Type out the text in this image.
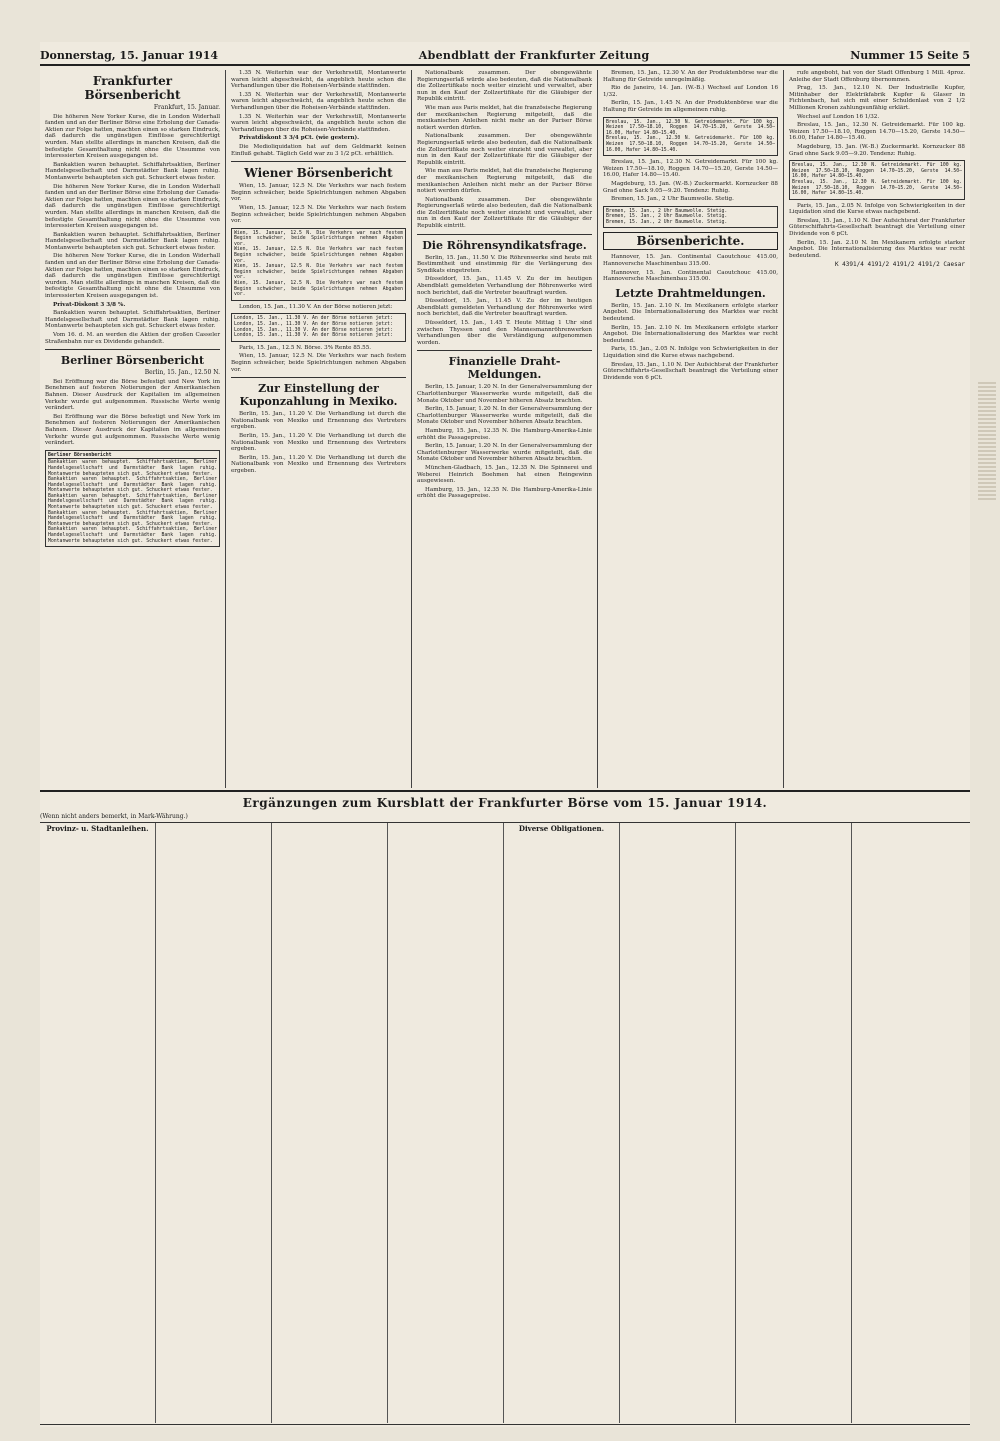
Donnerstag, 15. Januar 1914	Abendblatt der Frankfurter Zeitung	Nummer 15 Seite 5
Frankfurter Börsenbericht
Frankfurt, 15. Januar.

Die höheren New Yorker Kurse, die in London Widerhall fanden und an der Berliner Börse eine Erholung der Canada-Aktien zur Folge hatten, machten einen so starken Eindruck, daß dadurch die ungünstigen Einflüsse gerechtfertigt wurden. Man stellte allerdings in manchen Kreisen, daß die befestigte Gesamthaltung nicht ohne die Unsumme von interessierten Kreisen ausgegangen ist.

Bankaktien waren behauptet. Schiffahrtsaktien, Berliner Handelsgesellschaft und Darmstädter Bank lagen ruhig. Montanwerte behaupteten sich gut. Schuckert etwas fester.

Die höheren New Yorker Kurse, die in London Widerhall fanden und an der Berliner Börse eine Erholung der Canada-Aktien zur Folge hatten, machten einen so starken Eindruck, daß dadurch die ungünstigen Einflüsse gerechtfertigt wurden. Man stellte allerdings in manchen Kreisen, daß die befestigte Gesamthaltung nicht ohne die Unsumme von interessierten Kreisen ausgegangen ist.

Bankaktien waren behauptet. Schiffahrtsaktien, Berliner Handelsgesellschaft und Darmstädter Bank lagen ruhig. Montanwerte behaupteten sich gut. Schuckert etwas fester.

Die höheren New Yorker Kurse, die in London Widerhall fanden und an der Berliner Börse eine Erholung der Canada-Aktien zur Folge hatten, machten einen so starken Eindruck, daß dadurch die ungünstigen Einflüsse gerechtfertigt wurden. Man stellte allerdings in manchen Kreisen, daß die befestigte Gesamthaltung nicht ohne die Unsumme von interessierten Kreisen ausgegangen ist.

Privat-Diskont 3 3/8 %.

Bankaktien waren behauptet. Schiffahrtsaktien, Berliner Handelsgesellschaft und Darmstädter Bank lagen ruhig. Montanwerte behaupteten sich gut. Schuckert etwas fester.

Vom 16. d. M. an werden die Aktien der großen Casseler Straßenbahn nur ex Dividende gehandelt.

Berliner Börsenbericht
Berlin, 15. Jan., 12.50 N.

Bei Eröffnung war die Börse befestigt und New York im Benehmen auf festeren Notierungen der Amerikanischen Bahnen. Dieser Ausdruck der Kapitalien im allgemeinen Verkehr wurde gut aufgenommen. Russische Werte wenig verändert.

Bei Eröffnung war die Börse befestigt und New York im Benehmen auf festeren Notierungen der Amerikanischen Bahnen. Dieser Ausdruck der Kapitalien im allgemeinen Verkehr wurde gut aufgenommen. Russische Werte wenig verändert.

Berliner Börsenbericht
Bankaktien waren behauptet. Schiffahrtsaktien, Berliner Handelsgesellschaft und Darmstädter Bank lagen ruhig. Montanwerte behaupteten sich gut. Schuckert etwas fester.
Bankaktien waren behauptet. Schiffahrtsaktien, Berliner Handelsgesellschaft und Darmstädter Bank lagen ruhig. Montanwerte behaupteten sich gut. Schuckert etwas fester.
Bankaktien waren behauptet. Schiffahrtsaktien, Berliner Handelsgesellschaft und Darmstädter Bank lagen ruhig. Montanwerte behaupteten sich gut. Schuckert etwas fester.
Bankaktien waren behauptet. Schiffahrtsaktien, Berliner Handelsgesellschaft und Darmstädter Bank lagen ruhig. Montanwerte behaupteten sich gut. Schuckert etwas fester.
Bankaktien waren behauptet. Schiffahrtsaktien, Berliner Handelsgesellschaft und Darmstädter Bank lagen ruhig. Montanwerte behaupteten sich gut. Schuckert etwas fester.

1.35 N. Weiterhin war der Verkehrsstill, Montanwerte waren leicht abgeschwächt, da angeblich heute schon die Verhandlungen über die Roheisen-Verbände stattfinden.

1.35 N. Weiterhin war der Verkehrsstill, Montanwerte waren leicht abgeschwächt, da angeblich heute schon die Verhandlungen über die Roheisen-Verbände stattfinden.

1.35 N. Weiterhin war der Verkehrsstill, Montanwerte waren leicht abgeschwächt, da angeblich heute schon die Verhandlungen über die Roheisen-Verbände stattfinden.

Privatdiskont 3 3/4 pCt. (wie gestern).

Die Medioliquidation hat auf dem Geldmarkt keinen Einfluß gehabt. Täglich Geld war zu 3 1/2 pCt. erhältlich.

Wiener Börsenbericht

Wien, 15. Januar, 12.5 N. Die Verkehrs war nach festem Beginn schwächer, beide Spielrichtungen nehmen Abgaben vor.

Wien, 15. Januar, 12.5 N. Die Verkehrs war nach festem Beginn schwächer, beide Spielrichtungen nehmen Abgaben vor.

Wien, 15. Januar, 12.5 N. Die Verkehrs war nach festem Beginn schwächer, beide Spielrichtungen nehmen Abgaben vor.
Wien, 15. Januar, 12.5 N. Die Verkehrs war nach festem Beginn schwächer, beide Spielrichtungen nehmen Abgaben vor.
Wien, 15. Januar, 12.5 N. Die Verkehrs war nach festem Beginn schwächer, beide Spielrichtungen nehmen Abgaben vor.
Wien, 15. Januar, 12.5 N. Die Verkehrs war nach festem Beginn schwächer, beide Spielrichtungen nehmen Abgaben vor.

London, 15. Jan., 11.30 V. An der Börse notieren jetzt:

London, 15. Jan., 11.30 V. An der Börse notieren jetzt:
London, 15. Jan., 11.30 V. An der Börse notieren jetzt:
London, 15. Jan., 11.30 V. An der Börse notieren jetzt:
London, 15. Jan., 11.30 V. An der Börse notieren jetzt:

Paris, 15. Jan., 12.5 N. Börse. 3% Rente 85.55.

Wien, 15. Januar, 12.5 N. Die Verkehrs war nach festem Beginn schwächer, beide Spielrichtungen nehmen Abgaben vor.

Zur Einstellung der Kuponzahlung in Mexiko.

Berlin, 15. Jan., 11.20 V. Die Verhandlung ist durch die Nationalbank von Mexiko und Ernennung des Vertreters ergeben.

Berlin, 15. Jan., 11.20 V. Die Verhandlung ist durch die Nationalbank von Mexiko und Ernennung des Vertreters ergeben.

Berlin, 15. Jan., 11.20 V. Die Verhandlung ist durch die Nationalbank von Mexiko und Ernennung des Vertreters ergeben.

Nationalbank zusammen. Der obengewähnte Regierungserlaß würde also bedeuten, daß die Nationalbank die Zollzertifikate noch weiter einzieht und verwaltet, aber nun in den Kauf der Zollzertifikate für die Gläubiger der Republik eintritt.

Wie man aus Paris meldet, hat die französische Regierung der mexikanischen Regierung mitgeteilt, daß die mexikanischen Anleihen nicht mehr an der Pariser Börse notiert werden dürfen.

Nationalbank zusammen. Der obengewähnte Regierungserlaß würde also bedeuten, daß die Nationalbank die Zollzertifikate noch weiter einzieht und verwaltet, aber nun in den Kauf der Zollzertifikate für die Gläubiger der Republik eintritt.

Wie man aus Paris meldet, hat die französische Regierung der mexikanischen Regierung mitgeteilt, daß die mexikanischen Anleihen nicht mehr an der Pariser Börse notiert werden dürfen.

Nationalbank zusammen. Der obengewähnte Regierungserlaß würde also bedeuten, daß die Nationalbank die Zollzertifikate noch weiter einzieht und verwaltet, aber nun in den Kauf der Zollzertifikate für die Gläubiger der Republik eintritt.

Die Röhrensyndikatsfrage.

Berlin, 15. Jan., 11.50 V. Die Röhrenwerke sind heute mit Bestimmtheit und einstimmig für die Verlängerung des Syndikats eingetreten.

Düsseldorf, 15. Jan., 11.45 V. Zu der im heutigen Abendblatt gemeldeten Verhandlung der Röhrenwerke wird noch berichtet, daß die Vertreter beauftragt wurden.

Düsseldorf, 15. Jan., 11.45 V. Zu der im heutigen Abendblatt gemeldeten Verhandlung der Röhrenwerke wird noch berichtet, daß die Vertreter beauftragt wurden.

Düsseldorf, 15. Jan., 1.45 T. Heute Mittag 1 Uhr sind zwischen Thyssen und den Mannesmannröhrenwerken Verhandlungen über die Verständigung aufgenommen worden.

Finanzielle Draht-Meldungen.

Berlin, 15. Januar, 1.20 N. In der Generalversammlung der Charlottenburger Wasserwerke wurde mitgeteilt, daß die Monate Oktober und November höheren Absatz brachten.

Berlin, 15. Januar, 1.20 N. In der Generalversammlung der Charlottenburger Wasserwerke wurde mitgeteilt, daß die Monate Oktober und November höheren Absatz brachten.

Hamburg, 15. Jan., 12.35 N. Die Hamburg-Amerika-Linie erhöht die Passagepreise.

Berlin, 15. Januar, 1.20 N. In der Generalversammlung der Charlottenburger Wasserwerke wurde mitgeteilt, daß die Monate Oktober und November höheren Absatz brachten.

München-Gladbach, 15. Jan., 12.35 N. Die Spinnerei und Weberei Heinrich Boehmen hat einen Reingewinn ausgewiesen.

Hamburg, 15. Jan., 12.35 N. Die Hamburg-Amerika-Linie erhöht die Passagepreise.

Bremen, 15. Jan., 12.30 V. An der Produktenbörse war die Haltung für Getreide unregelmäßig.

Rio de Janeiro, 14. Jan. (W.-B.) Wechsel auf London 16 1/32.

Berlin, 15. Jan., 1.45 N. An der Produktenbörse war die Haltung für Getreide im allgemeinen ruhig.

Breslau, 15. Jan., 12.30 N. Getreidemarkt. Für 100 kg. Weizen 17.50—18.10, Roggen 14.70—15.20, Gerste 14.50—16.00, Hafer 14.80—15.40.
Breslau, 15. Jan., 12.30 N. Getreidemarkt. Für 100 kg. Weizen 17.50—18.10, Roggen 14.70—15.20, Gerste 14.50—16.00, Hafer 14.80—15.40.

Breslau, 15. Jan., 12.30 N. Getreidemarkt. Für 100 kg. Weizen 17.50—18.10, Roggen 14.70—15.20, Gerste 14.50—16.00, Hafer 14.80—15.40.

Magdeburg, 15. Jan. (W.-B.) Zuckermarkt. Kornzucker 88 Grad ohne Sack 9.05—9.20. Tendenz: Ruhig.

Bremen, 15. Jan., 2 Uhr Baumwolle. Stetig.

Bremen, 15. Jan., 2 Uhr Baumwolle. Stetig.
Bremen, 15. Jan., 2 Uhr Baumwolle. Stetig.
Bremen, 15. Jan., 2 Uhr Baumwolle. Stetig.
Börsenberichte.

Hannover, 15. Jan. Continental Caoutchouc 415.00, Hannoversche Maschinenbau 315.00.

Hannover, 15. Jan. Continental Caoutchouc 415.00, Hannoversche Maschinenbau 315.00.

Letzte Drahtmeldungen.

Berlin, 15. Jan. 2.10 N. Im Mexikanern erfolgte starker Angebot. Die Internationalisierung des Marktes war recht bedeutend.

Berlin, 15. Jan. 2.10 N. Im Mexikanern erfolgte starker Angebot. Die Internationalisierung des Marktes war recht bedeutend.

Paris, 15. Jan., 2.05 N. Infolge von Schwierigkeiten in der Liquidation sind die Kurse etwas nachgebend.

Breslau, 15. Jan., 1.10 N. Der Aufsichtsrat der Frankfurter Güterschiffahrts-Gesellschaft beantragt die Verteilung einer Dividende von 6 pCt.

rufe angeboht, hat von der Stadt Offenburg 1 Mill. 4proz. Anleihe der Stadt Offenburg übernommen.

Prag, 15. Jan., 12.10 N. Der Industrielle Kupfer, Mitinhaber der Elektrikfabrik Kupfer & Glaser in Fichtenbach, hat sich mit einer Schuldenlast von 2 1/2 Millionen Kronen zahlungsunfähig erklärt.

Wechsel auf London 16 1/32.

Breslau, 15. Jan., 12.30 N. Getreidemarkt. Für 100 kg. Weizen 17.50—18.10, Roggen 14.70—15.20, Gerste 14.50—16.00, Hafer 14.80—15.40.

Magdeburg, 15. Jan. (W.-B.) Zuckermarkt. Kornzucker 88 Grad ohne Sack 9.05—9.20. Tendenz: Ruhig.

Breslau, 15. Jan., 12.30 N. Getreidemarkt. Für 100 kg. Weizen 17.50—18.10, Roggen 14.70—15.20, Gerste 14.50—16.00, Hafer 14.80—15.40.
Breslau, 15. Jan., 12.30 N. Getreidemarkt. Für 100 kg. Weizen 17.50—18.10, Roggen 14.70—15.20, Gerste 14.50—16.00, Hafer 14.80—15.40.

Paris, 15. Jan., 2.05 N. Infolge von Schwierigkeiten in der Liquidation sind die Kurse etwas nachgebend.

Breslau, 15. Jan., 1.10 N. Der Aufsichtsrat der Frankfurter Güterschiffahrts-Gesellschaft beantragt die Verteilung einer Dividende von 6 pCt.

Berlin, 15. Jan. 2.10 N. Im Mexikanern erfolgte starker Angebot. Die Internationalisierung des Marktes war recht bedeutend.

K 4391/4 4191/2 4191/2 4191/2 Caesar
Ergänzungen zum Kursblatt der Frankfurter Börse vom 15. Januar 1914.
(Wenn nicht anders bemerkt, in Mark-Währung.)
Provinz- u. Stadtanleihen.	Diverse Obligationen.
